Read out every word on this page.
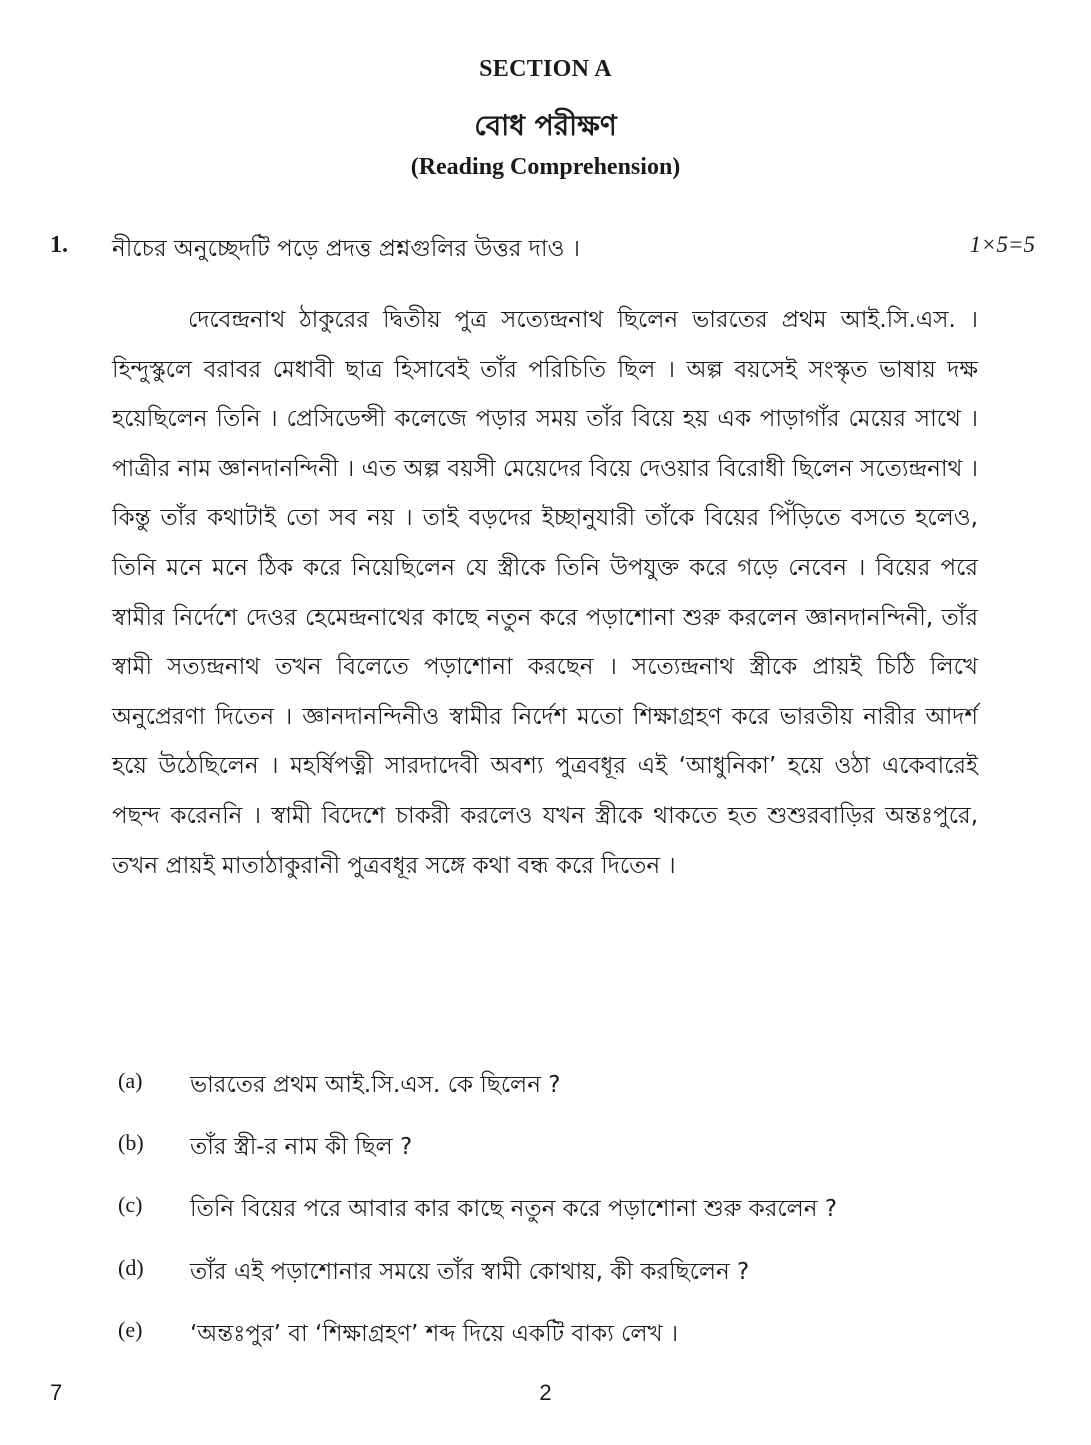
SECTION A
বোধ পরীক্ষণ
(Reading Comprehension)
1. নীচের অনুচ্ছেদটি পড়ে প্রদত্ত প্রশ্নগুলির উত্তর দাও ।	1×5=5

দেবেন্দ্রনাথ ঠাকুরের দ্বিতীয় পুত্র সত্যেন্দ্রনাথ ছিলেন ভারতের প্রথম আই.সি.এস. । হিন্দুস্কুলে বরাবর মেধাবী ছাত্র হিসাবেই তাঁর পরিচিতি ছিল । অল্প বয়সেই সংস্কৃত ভাষায় দক্ষ হয়েছিলেন তিনি । প্রেসিডেন্সী কলেজে পড়ার সময় তাঁর বিয়ে হয় এক পাড়াগাঁর মেয়ের সাথে । পাত্রীর নাম জ্ঞানদানন্দিনী । এত অল্প বয়সী মেয়েদের বিয়ে দেওয়ার বিরোধী ছিলেন সত্যেন্দ্রনাথ । কিন্তু তাঁর কথাটাই তো সব নয় । তাই বড়দের ইচ্ছানুযারী তাঁকে বিয়ের পিঁড়িতে বসতে হলেও, তিনি মনে মনে ঠিক করে নিয়েছিলেন যে স্ত্রীকে তিনি উপযুক্ত করে গড়ে নেবেন । বিয়ের পরে স্বামীর নির্দেশে দেওর হেমেন্দ্রনাথের কাছে নতুন করে পড়াশোনা শুরু করলেন জ্ঞানদানন্দিনী, তাঁর স্বামী সত্যন্দ্রনাথ তখন বিলেতে পড়াশোনা করছেন । সত্যেন্দ্রনাথ স্ত্রীকে প্রায়ই চিঠি লিখে অনুপ্রেরণা দিতেন । জ্ঞানদানন্দিনীও স্বামীর নির্দেশ মতো শিক্ষাগ্রহণ করে ভারতীয় নারীর আদর্শ হয়ে উঠেছিলেন । মহর্ষিপত্নী সারদাদেবী অবশ্য পুত্রবধূর এই ‘আধুনিকা’ হয়ে ওঠা একেবারেই পছন্দ করেননি । স্বামী বিদেশে চাকরী করলেও যখন স্ত্রীকে থাকতে হত শুশুরবাড়ির অন্তঃপুরে, তখন প্রায়ই মাতাঠাকুরানী পুত্রবধূর সঙ্গে কথা বন্ধ করে দিতেন ।

(a) ভারতের প্রথম আই.সি.এস. কে ছিলেন ?
(b) তাঁর স্ত্রী-র নাম কী ছিল ?
(c) তিনি বিয়ের পরে আবার কার কাছে নতুন করে পড়াশোনা শুরু করলেন ?
(d) তাঁর এই পড়াশোনার সময়ে তাঁর স্বামী কোথায়, কী করছিলেন ?
(e) ‘অন্তঃপুর’ বা ‘শিক্ষাগ্রহণ’ শব্দ দিয়ে একটি বাক্য লেখ ।
7	2
